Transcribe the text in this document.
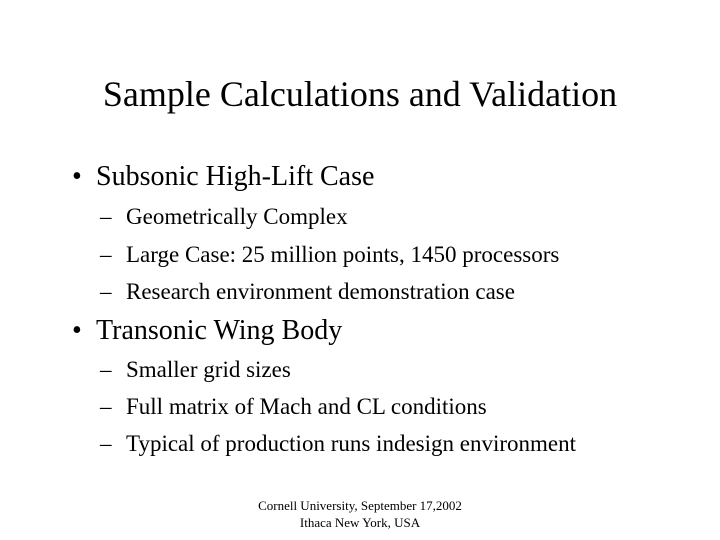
Sample Calculations and Validation
• Subsonic High-Lift Case
– Geometrically Complex
– Large Case: 25 million points, 1450 processors
– Research environment demonstration case
• Transonic Wing Body
– Smaller grid sizes
– Full matrix of Mach and CL conditions
– Typical of production runs indesign environment
Cornell University, September 17,2002
Ithaca New York, USA
